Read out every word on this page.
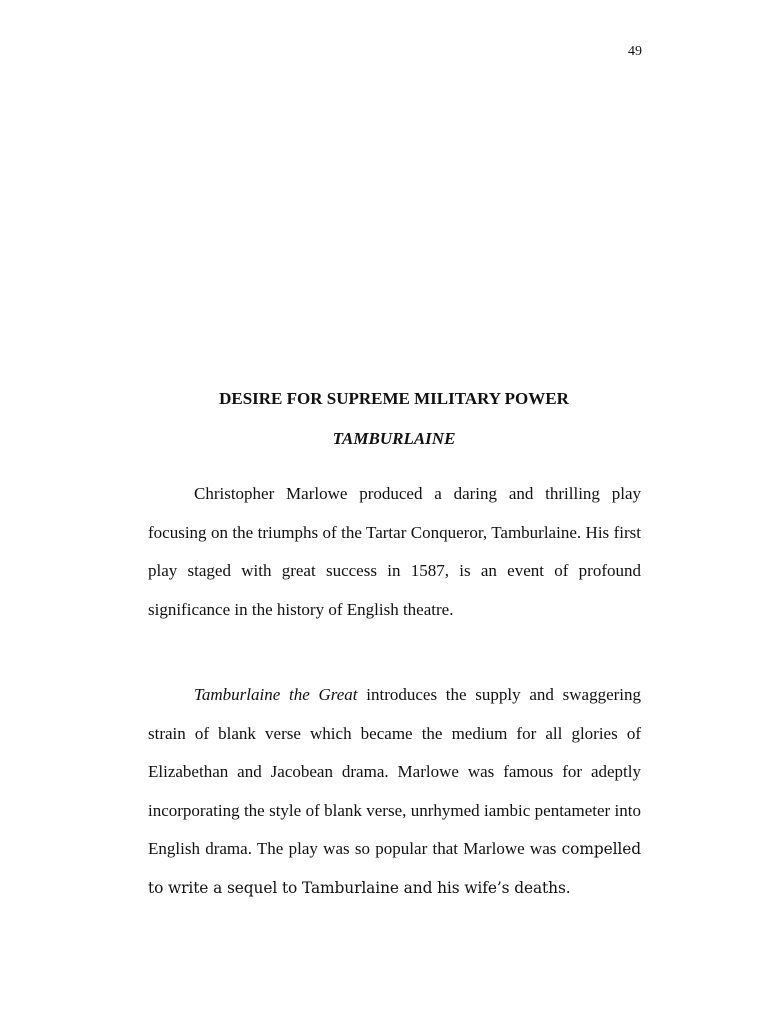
49
DESIRE FOR SUPREME MILITARY POWER
TAMBURLAINE

Christopher Marlowe produced a daring and thrilling play focusing on the triumphs of the Tartar Conqueror, Tamburlaine. His first play staged with great success in 1587, is an event of profound significance in the history of English theatre.

Tamburlaine the Great introduces the supply and swaggering strain of blank verse which became the medium for all glories of Elizabethan and Jacobean drama. Marlowe was famous for adeptly incorporating the style of blank verse, unrhymed iambic pentameter into English drama. The play was so popular that Marlowe was compelled to write a sequel to Tamburlaine and his wife’s deaths.
